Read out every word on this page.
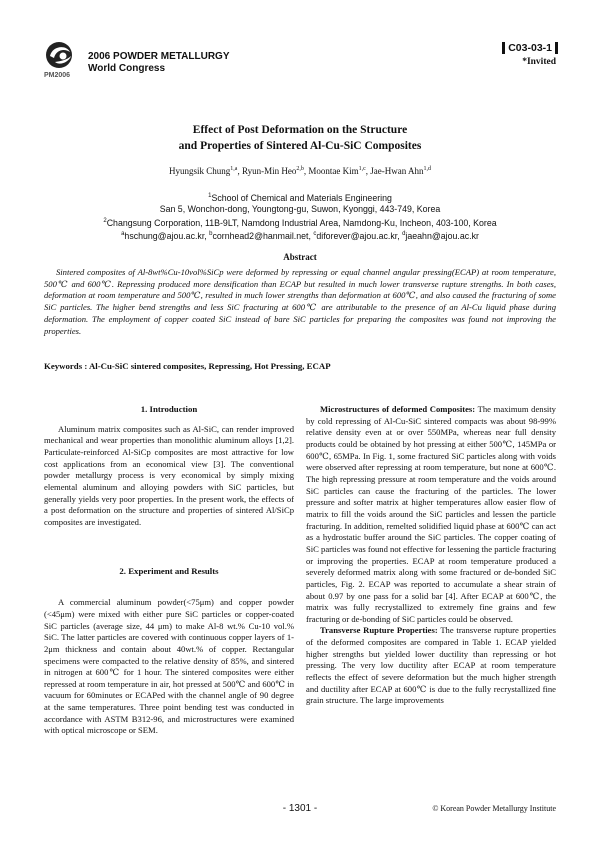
PM2006
2006 POWDER METALLURGY
World Congress
C03-03-1
*Invited
Effect of Post Deformation on the Structure
and Properties of Sintered Al-Cu-SiC Composites
Hyungsik Chung$^{1,a}$, Ryun-Min Heo$^{2,b}$, Moontae Kim$^{1,c}$, Jae-Hwan Ahn$^{1,d}$
$^1$School of Chemical and Materials Engineering
San 5, Wonchon-dong, Youngtong-gu, Suwon, Kyonggi, 443-749, Korea
$^2$Changsung Corporation, 11B-9LT, Namdong Industrial Area, Namdong-Ku, Incheon, 403-100, Korea
$^a$hschung@ajou.ac.kr, $^b$cornhead2@hanmail.net, $^c$diforever@ajou.ac.kr, $^d$jaeahn@ajou.ac.kr
Abstract

Sintered composites of Al-8wt%Cu-10vol%SiCp were deformed by repressing or equal channel angular pressing(ECAP) at room temperature, 500℃ and 600℃. Repressing produced more densification than ECAP but resulted in much lower transverse rupture strengths. In both cases, deformation at room temperature and 500℃, resulted in much lower strengths than deformation at 600℃, and also caused the fracturing of some SiC particles. The higher bend strengths and less SiC fracturing at 600℃ are attributable to the presence of an Al-Cu liquid phase during deformation. The employment of copper coated SiC instead of bare SiC particles for preparing the composites was found not improving the properties.

Keywords : Al-Cu-SiC sintered composites, Repressing, Hot Pressing, ECAP
1. Introduction

Aluminum matrix composites such as Al-SiC, can render improved mechanical and wear properties than monolithic aluminum alloys [1,2]. Particulate-reinforced Al-SiCp composites are most attractive for low cost applications from an economical view [3]. The conventional powder metallurgy process is very economical by simply mixing elemental aluminum and alloying powders with SiC particles, but generally yields very poor properties. In the present work, the effects of a post deformation on the structure and properties of sintered Al/SiCp composites are investigated.

2. Experiment and Results

A commercial aluminum powder(<75μm) and copper powder (<45μm) were mixed with either pure SiC particles or copper-coated SiC particles (average size, 44 μm) to make Al-8 wt.% Cu-10 vol.% SiC. The latter particles are covered with continuous copper layers of 1-2μm thickness and contain about 40wt.% of copper. Rectangular specimens were compacted to the relative density of 85%, and sintered in nitrogen at 600℃ for 1 hour. The sintered composites were either repressed at room temperature in air, hot pressed at 500℃ and 600℃ in vacuum for 60minutes or ECAPed with the channel angle of 90 degree at the same temperatures. Three point bending test was conducted in accordance with ASTM B312-96, and microstructures were examined with optical microscope or SEM.

Microstructures of deformed Composites: The maximum density by cold repressing of Al-Cu-SiC sintered compacts was about 98-99% relative density even at or over 550MPa, whereas near full density products could be obtained by hot pressing at either 500℃, 145MPa or 600℃, 65MPa. In Fig. 1, some fractured SiC particles along with voids were observed after repressing at room temperature, but none at 600℃. The high repressing pressure at room temperature and the voids around SiC particles can cause the fracturing of the particles. The lower pressure and softer matrix at higher temperatures allow easier flow of matrix to fill the voids around the SiC particles and lessen the particle fracturing. In addition, remelted solidified liquid phase at 600℃ can act as a hydrostatic buffer around the SiC particles. The copper coating of SiC particles was found not effective for lessening the particle fracturing or improving the properties. ECAP at room temperature produced a severely deformed matrix along with some fractured or de-bonded SiC particles, Fig. 2. ECAP was reported to accumulate a shear strain of about 0.97 by one pass for a solid bar [4]. After ECAP at 600℃, the matrix was fully recrystallized to extremely fine grains and few fracturing or de-bonding of SiC particles could be observed.

Transverse Rupture Properties: The transverse rupture properties of the deformed composites are compared in Table 1. ECAP yielded higher strengths but yielded lower ductility than repressing or hot pressing. The very low ductility after ECAP at room temperature reflects the effect of severe deformation but the much higher strength and ductility after ECAP at 600℃ is due to the fully recrystallized fine grain structure. The large improvements

- 1301 -	© Korean Powder Metallurgy Institute
